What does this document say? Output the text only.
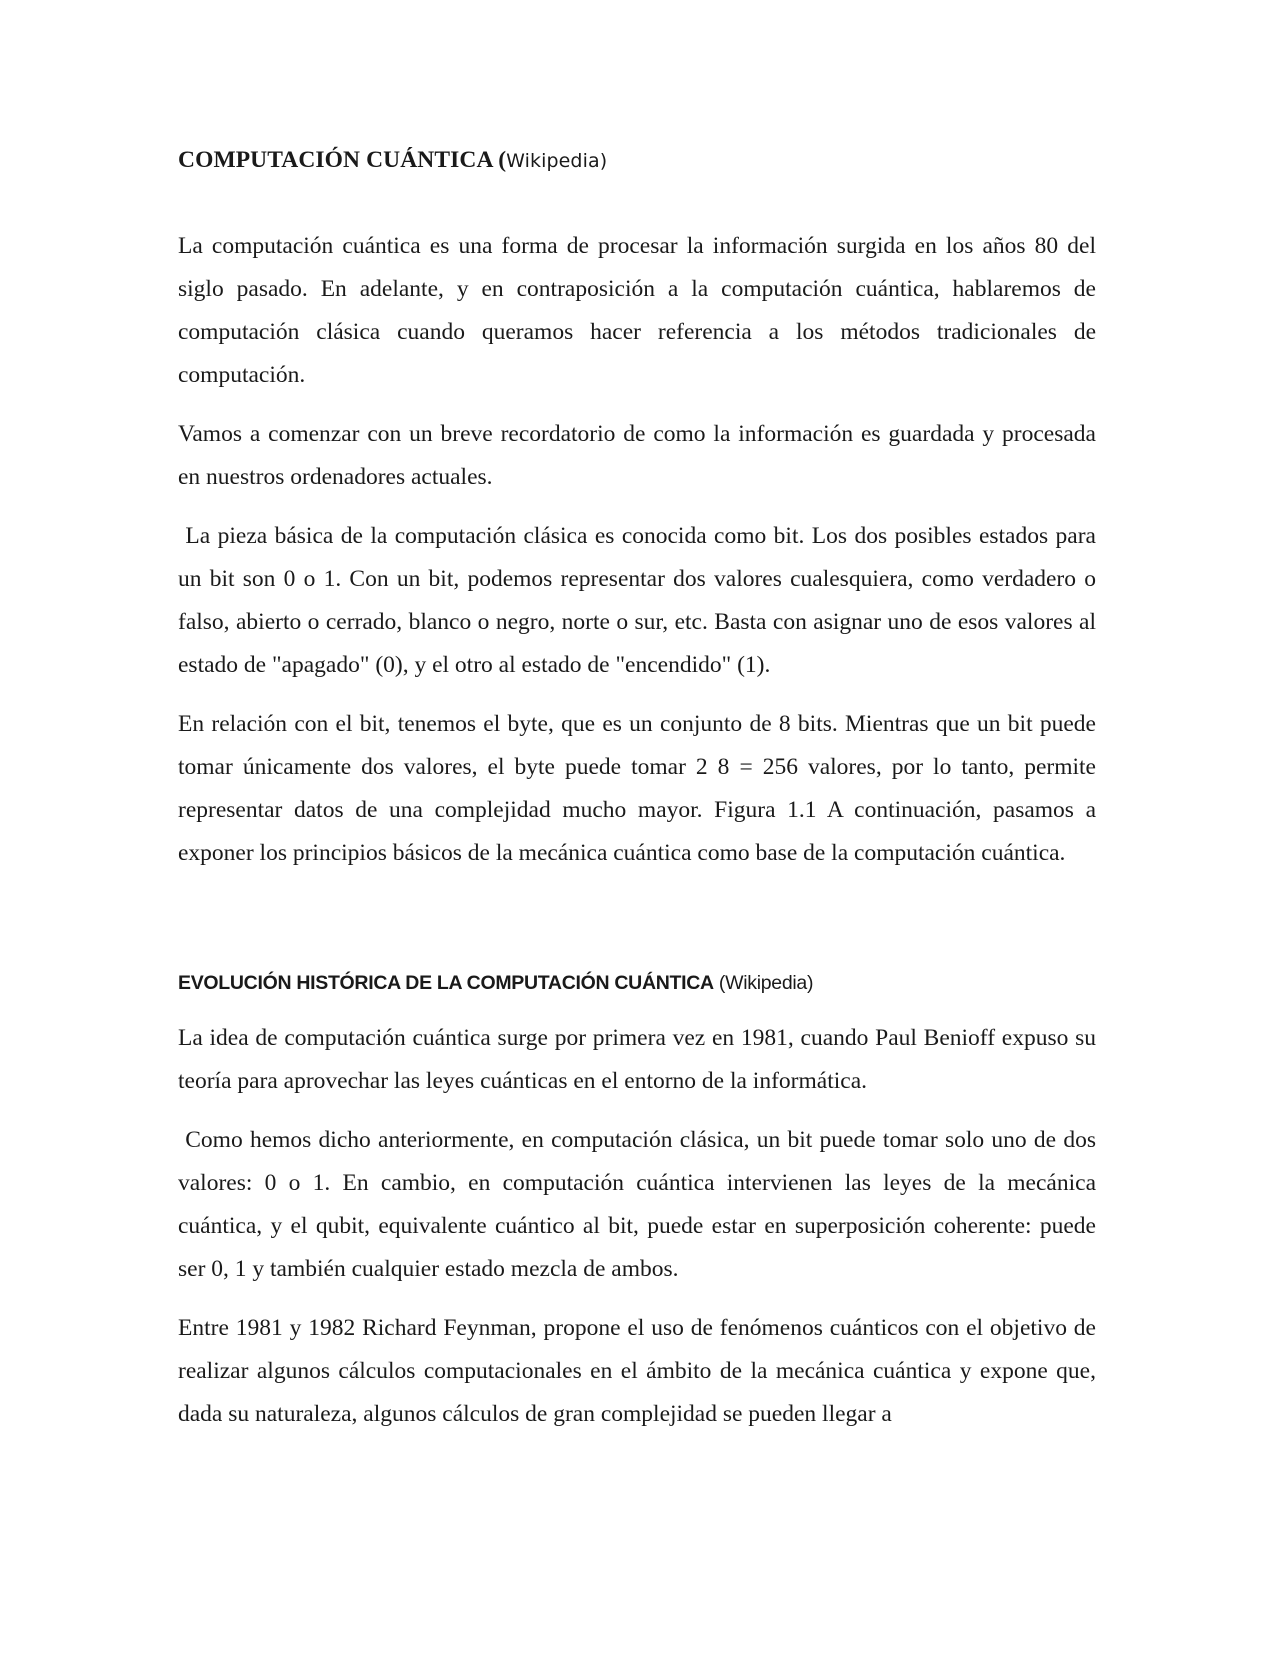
COMPUTACIÓN CUÁNTICA (Wikipedia)

La computación cuántica es una forma de procesar la información surgida en los años 80 del siglo pasado. En adelante, y en contraposición a la computación cuántica, hablaremos de computación clásica cuando queramos hacer referencia a los métodos tradicionales de computación.

Vamos a comenzar con un breve recordatorio de como la información es guardada y procesada en nuestros ordenadores actuales.

La pieza básica de la computación clásica es conocida como bit. Los dos posibles estados para un bit son 0 o 1. Con un bit, podemos representar dos valores cualesquiera, como verdadero o falso, abierto o cerrado, blanco o negro, norte o sur, etc. Basta con asignar uno de esos valores al estado de "apagado" (0), y el otro al estado de "encendido" (1).

En relación con el bit, tenemos el byte, que es un conjunto de 8 bits. Mientras que un bit puede tomar únicamente dos valores, el byte puede tomar 2 8 = 256 valores, por lo tanto, permite representar datos de una complejidad mucho mayor. Figura 1.1 A continuación, pasamos a exponer los principios básicos de la mecánica cuántica como base de la computación cuántica.

EVOLUCIÓN HISTÓRICA DE LA COMPUTACIÓN CUÁNTICA (Wikipedia)

La idea de computación cuántica surge por primera vez en 1981, cuando Paul Benioff expuso su teoría para aprovechar las leyes cuánticas en el entorno de la informática.

Como hemos dicho anteriormente, en computación clásica, un bit puede tomar solo uno de dos valores: 0 o 1. En cambio, en computación cuántica intervienen las leyes de la mecánica cuántica, y el qubit, equivalente cuántico al bit, puede estar en superposición coherente: puede ser 0, 1 y también cualquier estado mezcla de ambos.

Entre 1981 y 1982 Richard Feynman, propone el uso de fenómenos cuánticos con el objetivo de realizar algunos cálculos computacionales en el ámbito de la mecánica cuántica y expone que, dada su naturaleza, algunos cálculos de gran complejidad se pueden llegar a
